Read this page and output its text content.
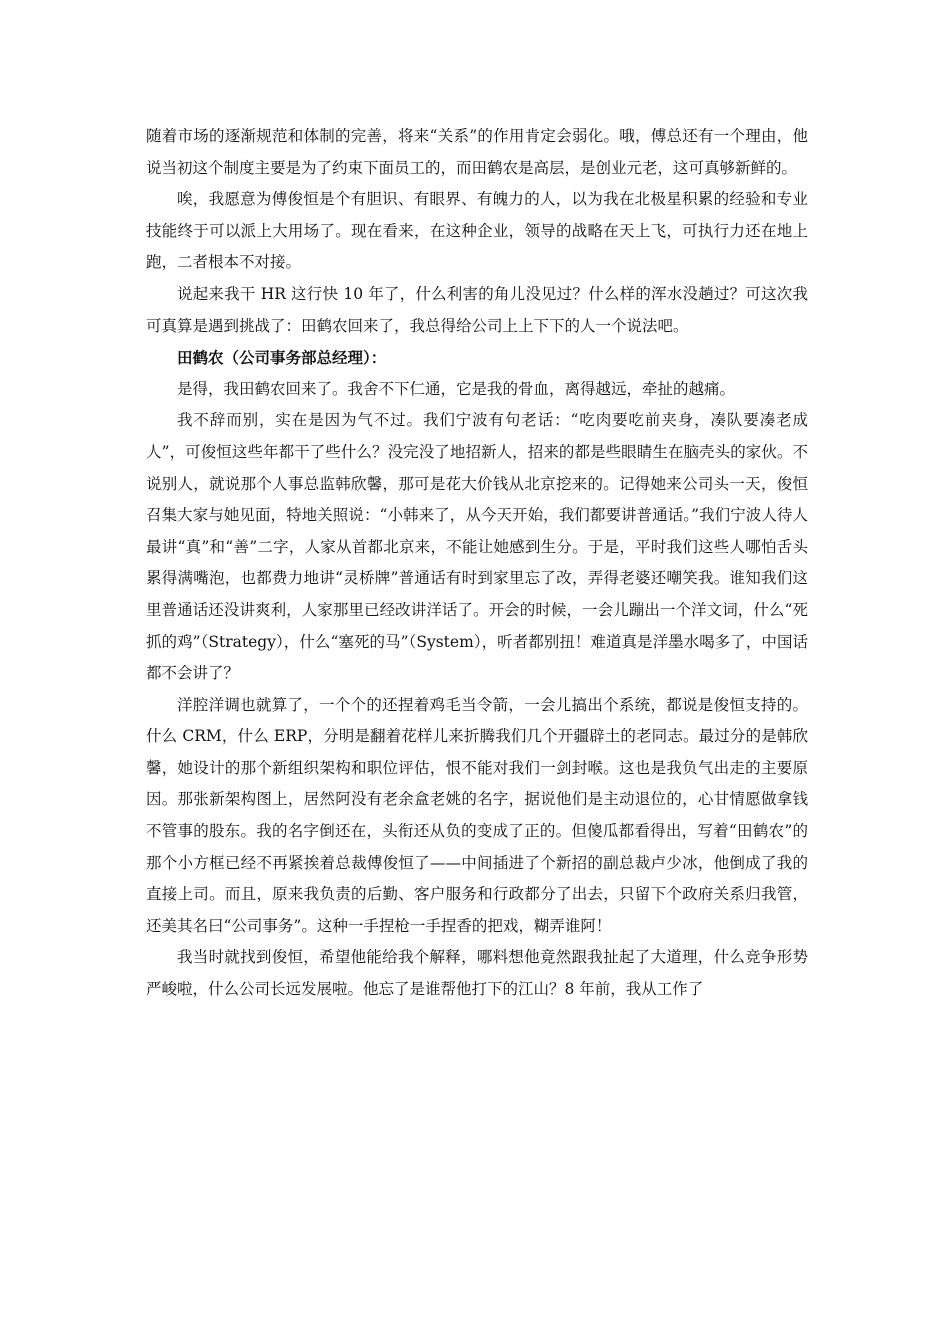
随着市场的逐渐规范和体制的完善，将来“关系”的作用肯定会弱化。哦，傅总还有一个理由，他说当初这个制度主要是为了约束下面员工的，而田鹤农是高层，是创业元老，这可真够新鲜的。

唉，我愿意为傅俊恒是个有胆识、有眼界、有魄力的人，以为我在北极星积累的经验和专业技能终于可以派上大用场了。现在看来，在这种企业，领导的战略在天上飞，可执行力还在地上跑，二者根本不对接。

说起来我干 HR 这行快 10 年了，什么利害的角儿没见过？什么样的浑水没趟过？可这次我可真算是遇到挑战了：田鹤农回来了，我总得给公司上上下下的人一个说法吧。

田鹤农（公司事务部总经理）：

是得，我田鹤农回来了。我舍不下仁通，它是我的骨血，离得越远，牵扯的越痛。

我不辞而别，实在是因为气不过。我们宁波有句老话：“吃肉要吃前夹身，凑队要凑老成人”，可俊恒这些年都干了些什么？没完没了地招新人，招来的都是些眼睛生在脑壳头的家伙。不说别人，就说那个人事总监韩欣馨，那可是花大价钱从北京挖来的。记得她来公司头一天，俊恒召集大家与她见面，特地关照说：“小韩来了，从今天开始，我们都要讲普通话。”我们宁波人待人最讲“真”和“善”二字，人家从首都北京来，不能让她感到生分。于是，平时我们这些人哪怕舌头累得满嘴泡，也都费力地讲“灵桥牌”普通话有时到家里忘了改，弄得老婆还嘲笑我。谁知我们这里普通话还没讲爽利，人家那里已经改讲洋话了。开会的时候，一会儿蹦出一个洋文词，什么“死抓的鸡”（Strategy），什么“塞死的马”（System），听者都别扭！难道真是洋墨水喝多了，中国话都不会讲了？

洋腔洋调也就算了，一个个的还捏着鸡毛当令箭，一会儿搞出个系统，都说是俊恒支持的。什么 CRM，什么 ERP，分明是翻着花样儿来折腾我们几个开疆辟土的老同志。最过分的是韩欣馨，她设计的那个新组织架构和职位评估，恨不能对我们一剑封喉。这也是我负气出走的主要原因。那张新架构图上，居然阿没有老余盒老姚的名字，据说他们是主动退位的，心甘情愿做拿钱不管事的股东。我的名字倒还在，头衔还从负的变成了正的。但傻瓜都看得出，写着“田鹤农”的那个小方框已经不再紧挨着总裁傅俊恒了——中间插进了个新招的副总裁卢少冰，他倒成了我的直接上司。而且，原来我负责的后勤、客户服务和行政都分了出去，只留下个政府关系归我管，还美其名曰“公司事务”。这种一手捏枪一手捏香的把戏，糊弄谁阿！

我当时就找到俊恒，希望他能给我个解释，哪料想他竟然跟我扯起了大道理，什么竞争形势严峻啦，什么公司长远发展啦。他忘了是谁帮他打下的江山？8 年前，我从工作了
